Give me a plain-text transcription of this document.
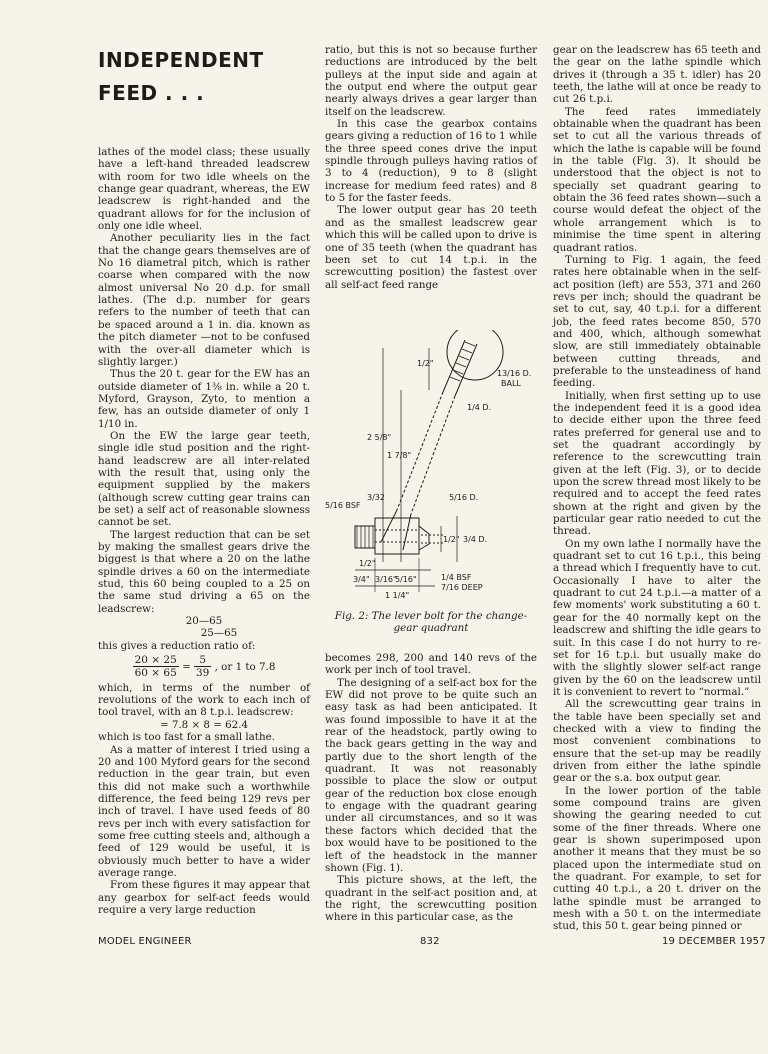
INDEPENDENT
FEED . . .

lathes of the model class; these usually have a left-hand threaded leadscrew with room for two idle wheels on the change gear quadrant, whereas, the EW leadscrew is right-handed and the quadrant allows for for the inclusion of only one idle wheel.

Another peculiarity lies in the fact that the change gears themselves are of No 16 diametral pitch, which is rather coarse when compared with the now almost universal No 20 d.p. for small lathes. (The d.p. number for gears refers to the number of teeth that can be spaced around a 1 in. dia. known as the pitch diameter —not to be confused with the over-all diameter which is slightly larger.)

Thus the 20 t. gear for the EW has an outside diameter of 1⅜ in. while a 20 t. Myford, Grayson, Zyto, to mention a few, has an outside diameter of only 1 1/10 in.

On the EW the large gear teeth, single idle stud position and the right-hand leadscrew are all inter-related with the result that, using only the equipment supplied by the makers (although screw cutting gear trains can be set) a self act of reasonable slowness cannot be set.

The largest reduction that can be set by making the smallest gears drive the biggest is that where a 20 on the lathe spindle drives a 60 on the intermediate stud, this 60 being coupled to a 25 on the same stud driving a 65 on the leadscrew:

20—65

25—65

this gives a reduction ratio of:

$\frac{20 \times 25}{60 \times 65} = \frac{5}{39}$ , or 1 to 7.8

which, in terms of the number of revolutions of the work to each inch of tool travel, with an 8 t.p.i. leadscrew:

= 7.8 × 8 = 62.4

which is too fast for a small lathe.

As a matter of interest I tried using a 20 and 100 Myford gears for the second reduction in the gear train, but even this did not make such a worthwhile difference, the feed being 129 revs per inch of travel. I have used feeds of 80 revs per inch with every satisfaction for some free cutting steels and, although a feed of 129 would be useful, it is obviously much better to have a wider average range.

From these figures it may appear that any gearbox for self-act feeds would require a very large reduction

ratio, but this is not so because further reductions are introduced by the belt pulleys at the input side and again at the output end where the output gear nearly always drives a gear larger than itself on the leadscrew.

In this case the gearbox contains gears giving a reduction of 16 to 1 while the three speed cones drive the input spindle through pulleys having ratios of 3 to 4 (reduction), 9 to 8 (slight increase for medium feed rates) and 8 to 5 for the faster feeds.

The lower output gear has 20 teeth and as the smallest leadscrew gear which this will be called upon to drive is one of 35 teeth (when the quadrant has been set to cut 14 t.p.i. in the screwcutting position) the fastest over all self-act feed range

1/2"
13/16 D.
BALL
1/4 D.
2 5/8"
1 7/8"
5/16 BSF
3/32	5/16 D.
1/2" 3/4 D.
1/2"
3/4" 3/16"
5/16"	1/4 BSF
7/16 DEEP
1 1/4"
Fig. 2: The lever bolt for the change-gear quadrant

becomes 298, 200 and 140 revs of the work per inch of tool travel.

The designing of a self-act box for the EW did not prove to be quite such an easy task as had been anticipated. It was found impossible to have it at the rear of the headstock, partly owing to the back gears getting in the way and partly due to the short length of the quadrant. It was not reasonably possible to place the slow or output gear of the reduction box close enough to engage with the quadrant gearing under all circumstances, and so it was these factors which decided that the box would have to be positioned to the left of the headstock in the manner shown (Fig. 1).

This picture shows, at the left, the quadrant in the self-act position and, at the right, the screwcutting position where in this particular case, as the

gear on the leadscrew has 65 teeth and the gear on the lathe spindle which drives it (through a 35 t. idler) has 20 teeth, the lathe will at once be ready to cut 26 t.p.i.

The feed rates immediately obtainable when the quadrant has been set to cut all the various threads of which the lathe is capable will be found in the table (Fig. 3). It should be understood that the object is not to specially set quadrant gearing to obtain the 36 feed rates shown—such a course would defeat the object of the whole arrangement which is to minimise the time spent in altering quadrant ratios.

Turning to Fig. 1 again, the feed rates here obtainable when in the self-act position (left) are 553, 371 and 260 revs per inch; should the quadrant be set to cut, say, 40 t.p.i. for a different job, the feed rates become 850, 570 and 400, which, although somewhat slow, are still immediately obtainable between cutting threads, and preferable to the unsteadiness of hand feeding.

Initially, when first setting up to use the independent feed it is a good idea to decide either upon the three feed rates preferred for general use and to set the quadrant accordingly by reference to the screwcutting train given at the left (Fig. 3), or to decide upon the screw thread most likely to be required and to accept the feed rates shown at the right and given by the particular gear ratio needed to cut the thread.

On my own lathe I normally have the quadrant set to cut 16 t.p.i., this being a thread which I frequently have to cut. Occasionally I have to alter the quadrant to cut 24 t.p.i.—a matter of a few moments' work substituting a 60 t. gear for the 40 normally kept on the leadscrew and shifting the idle gears to suit. In this case I do not hurry to re-set for 16 t.p.i. but usually make do with the slightly slower self-act range given by the 60 on the leadscrew until it is convenient to revert to “normal.”

All the screwcutting gear trains in the table have been specially set and checked with a view to finding the most convenient combinations to ensure that the set-up may be readily driven from either the lathe spindle gear or the s.a. box output gear.

In the lower portion of the table some compound trains are given showing the gearing needed to cut some of the finer threads. Where one gear is shown superimposed upon another it means that they must be so placed upon the intermediate stud on the quadrant. For example, to set for cutting 40 t.p.i., a 20 t. driver on the lathe spindle must be arranged to mesh with a 50 t. on the intermediate stud, this 50 t. gear being pinned or

MODEL ENGINEER	832	19 DECEMBER 1957
